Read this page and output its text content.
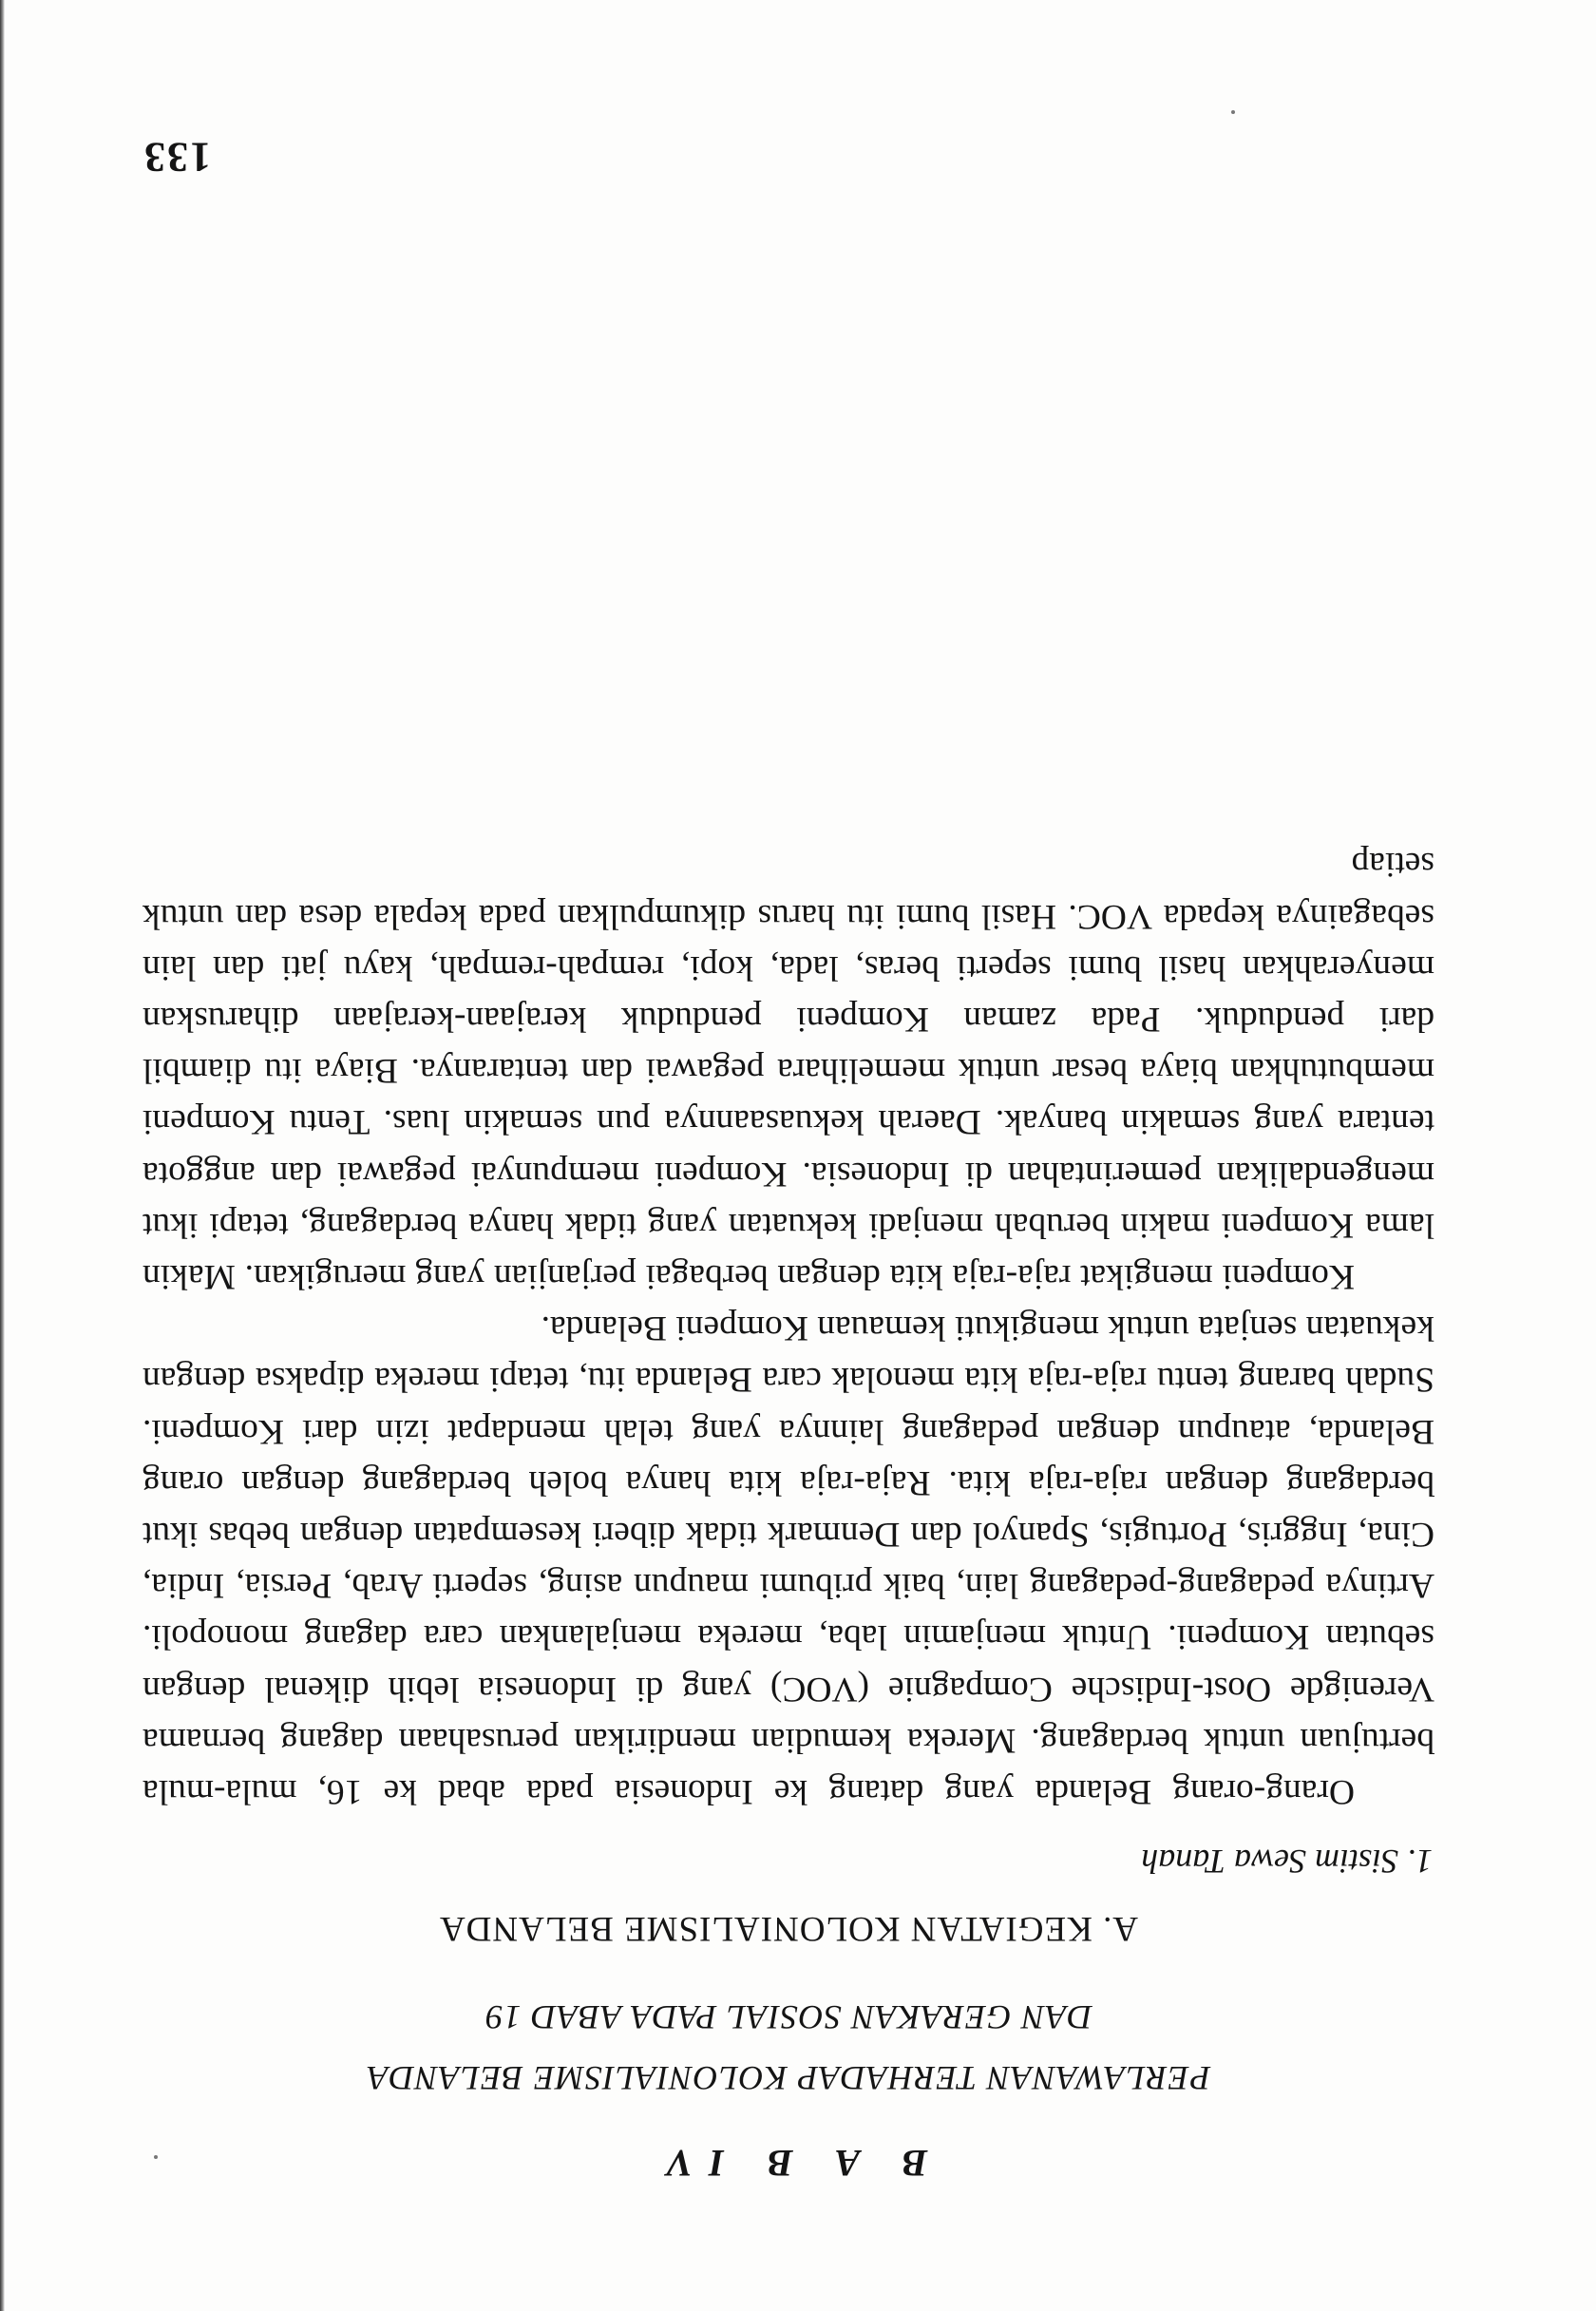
B A B IV
PERLAWANAN TERHADAP KOLONIALISME BELANDA
DAN GERAKAN SOSIAL PADA ABAD 19
A. KEGIATAN KOLONIALISME BELANDA
1. Sistim Sewa Tanah

Orang-orang Belanda yang datang ke Indonesia pada abad ke 16, mula-mula bertujuan untuk berdagang. Mereka kemudian mendirikan perusahaan dagang bernama Verenigde Oost-Indische Compagnie (VOC) yang di Indonesia lebih dikenal dengan sebutan Kompeni. Untuk menjamin laba, mereka menjalankan cara dagang monopoli. Artinya pedagang-pedagang lain, baik pribumi maupun asing, seperti Arab, Persia, India, Cina, Inggris, Portugis, Spanyol dan Denmark tidak diberi kesempatan dengan bebas ikut berdagang dengan raja-raja kita. Raja-raja kita hanya boleh berdagang dengan orang Belanda, ataupun dengan pedagang lainnya yang telah mendapat izin dari Kompeni. Sudah barang tentu raja-raja kita menolak cara Belanda itu, tetapi mereka dipaksa dengan kekuatan senjata untuk mengikuti kemauan Kompeni Belanda.

Kompeni mengikat raja-raja kita dengan berbagai perjanjian yang merugikan. Makin lama Kompeni makin berubah menjadi kekuatan yang tidak hanya berdagang, tetapi ikut mengendalikan pemerintahan di Indonesia. Kompeni mempunyai pegawai dan anggota tentara yang semakin banyak. Daerah kekuasaannya pun semakin luas. Tentu Kompeni membutuhkan biaya besar untuk memelihara pegawai dan tentaranya. Biaya itu diambil dari penduduk. Pada zaman Kompeni penduduk kerajaan-kerajaan diharuskan menyerahkan hasil bumi seperti beras, lada, kopi, rempah-rempah, kayu jati dan lain sebagainya kepada VOC. Hasil bumi itu harus dikumpulkan pada kepala desa dan untuk setiap

133
